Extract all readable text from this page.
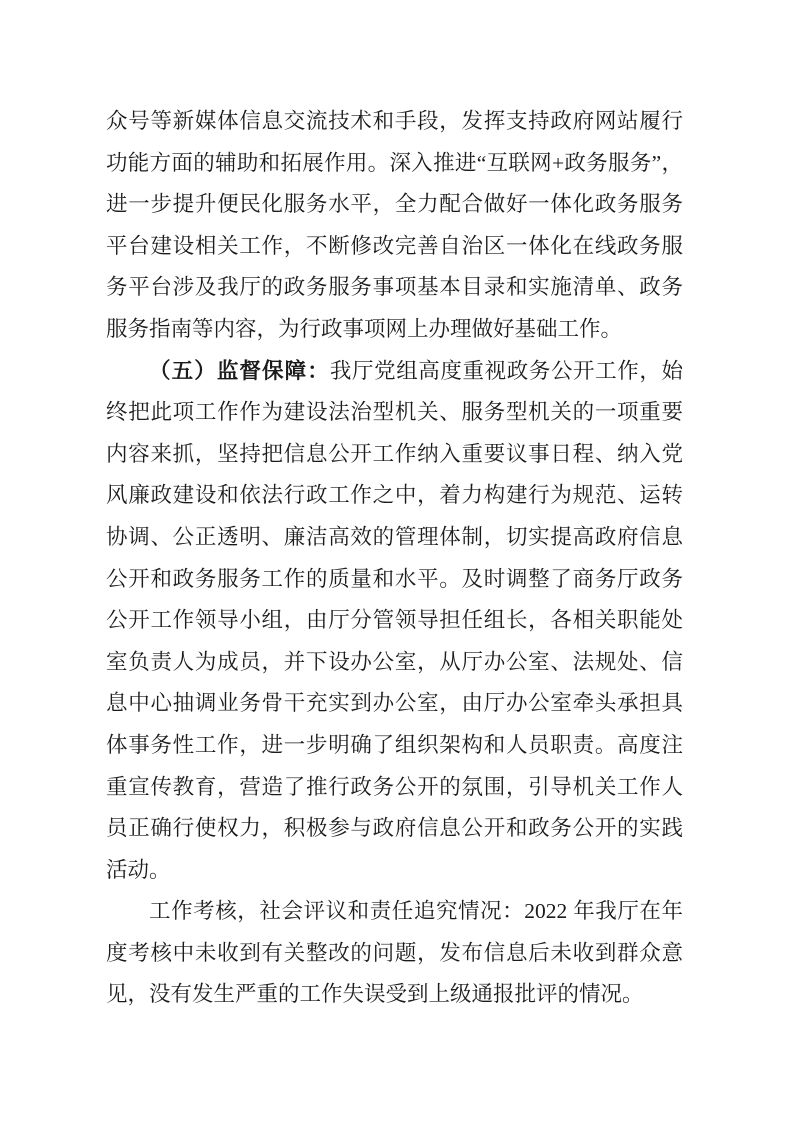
众号等新媒体信息交流技术和手段，发挥支持政府网站履行
功能方面的辅助和拓展作用。深入推进“互联网+政务服务”，
进一步提升便民化服务水平，全力配合做好一体化政务服务
平台建设相关工作，不断修改完善自治区一体化在线政务服
务平台涉及我厅的政务服务事项基本目录和实施清单、政务
服务指南等内容，为行政事项网上办理做好基础工作。
（五）监督保障：我厅党组高度重视政务公开工作，始
终把此项工作作为建设法治型机关、服务型机关的一项重要
内容来抓，坚持把信息公开工作纳入重要议事日程、纳入党
风廉政建设和依法行政工作之中，着力构建行为规范、运转
协调、公正透明、廉洁高效的管理体制，切实提高政府信息
公开和政务服务工作的质量和水平。及时调整了商务厅政务
公开工作领导小组，由厅分管领导担任组长，各相关职能处
室负责人为成员，并下设办公室，从厅办公室、法规处、信
息中心抽调业务骨干充实到办公室，由厅办公室牵头承担具
体事务性工作，进一步明确了组织架构和人员职责。高度注
重宣传教育，营造了推行政务公开的氛围，引导机关工作人
员正确行使权力，积极参与政府信息公开和政务公开的实践
活动。
工作考核，社会评议和责任追究情况：2022 年我厅在年
度考核中未收到有关整改的问题，发布信息后未收到群众意
见，没有发生严重的工作失误受到上级通报批评的情况。
